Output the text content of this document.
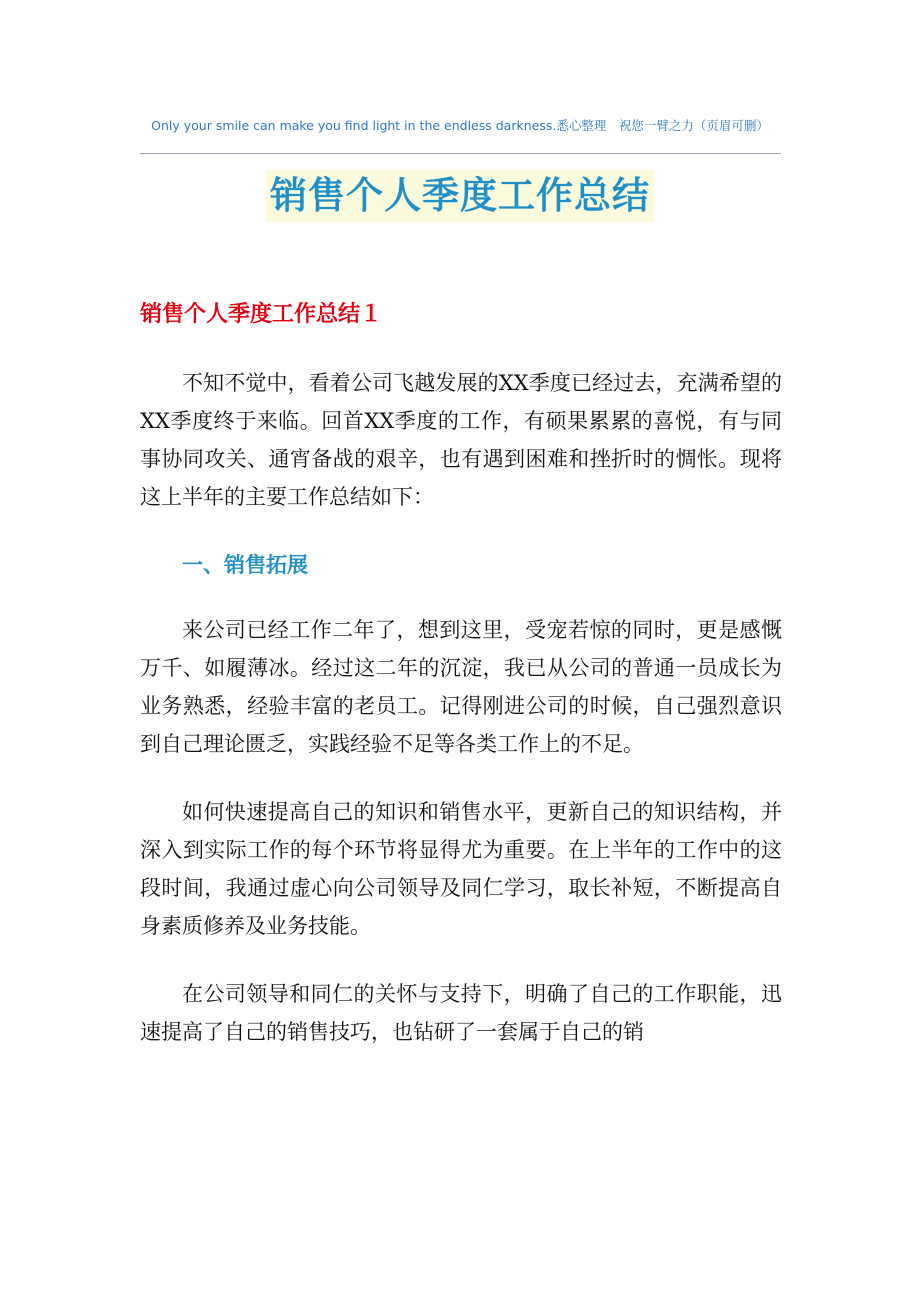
Only your smile can make you find light in the endless darkness.悉心整理　祝您一臂之力（页眉可删）
销售个人季度工作总结
销售个人季度工作总结１

不知不觉中，看着公司飞越发展的XX季度已经过去，充满希望的XX季度终于来临。回首XX季度的工作，有硕果累累的喜悦，有与同事协同攻关、通宵备战的艰辛，也有遇到困难和挫折时的惆怅。现将这上半年的主要工作总结如下：

一、销售拓展

来公司已经工作二年了，想到这里，受宠若惊的同时，更是感慨万千、如履薄冰。经过这二年的沉淀，我已从公司的普通一员成长为业务熟悉，经验丰富的老员工。记得刚进公司的时候，自己强烈意识到自己理论匮乏，实践经验不足等各类工作上的不足。

如何快速提高自己的知识和销售水平，更新自己的知识结构，并深入到实际工作的每个环节将显得尤为重要。在上半年的工作中的这段时间，我通过虚心向公司领导及同仁学习，取长补短，不断提高自身素质修养及业务技能。

在公司领导和同仁的关怀与支持下，明确了自己的工作职能，迅速提高了自己的销售技巧，也钻研了一套属于自己的销
